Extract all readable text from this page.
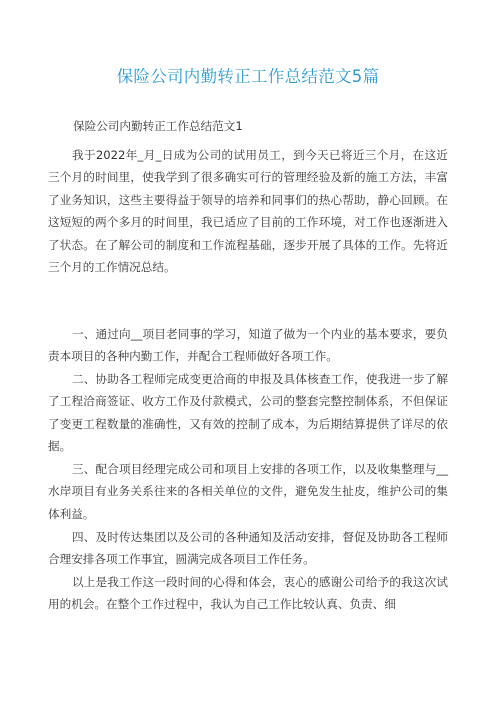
保险公司内勤转正工作总结范文5篇
保险公司内勤转正工作总结范文1

我于2022年_月_日成为公司的试用员工，到今天已将近三个月，在这近三个月的时间里，使我学到了很多确实可行的管理经验及新的施工方法，丰富了业务知识，这些主要得益于领导的培养和同事们的热心帮助，静心回顾。在这短短的两个多月的时间里，我已适应了目前的工作环境，对工作也逐渐进入了状态。在了解公司的制度和工作流程基础，逐步开展了具体的工作。先将近三个月的工作情况总结。

一、通过向__项目老同事的学习，知道了做为一个内业的基本要求，要负责本项目的各种内勤工作，并配合工程师做好各项工作。

二、协助各工程师完成变更洽商的申报及具体核查工作，使我进一步了解了工程洽商签证、收方工作及付款模式，公司的整套完整控制体系，不但保证了变更工程数量的准确性，又有效的控制了成本，为后期结算提供了详尽的依据。

三、配合项目经理完成公司和项目上安排的各项工作，以及收集整理与__水岸项目有业务关系往来的各相关单位的文件，避免发生扯皮，维护公司的集体利益。

四、及时传达集团以及公司的各种通知及活动安排，督促及协助各工程师合理安排各项工作事宜，圆满完成各项目工作任务。

以上是我工作这一段时间的心得和体会，衷心的感谢公司给予的我这次试用的机会。在整个工作过程中，我认为自己工作比较认真、负责、细
